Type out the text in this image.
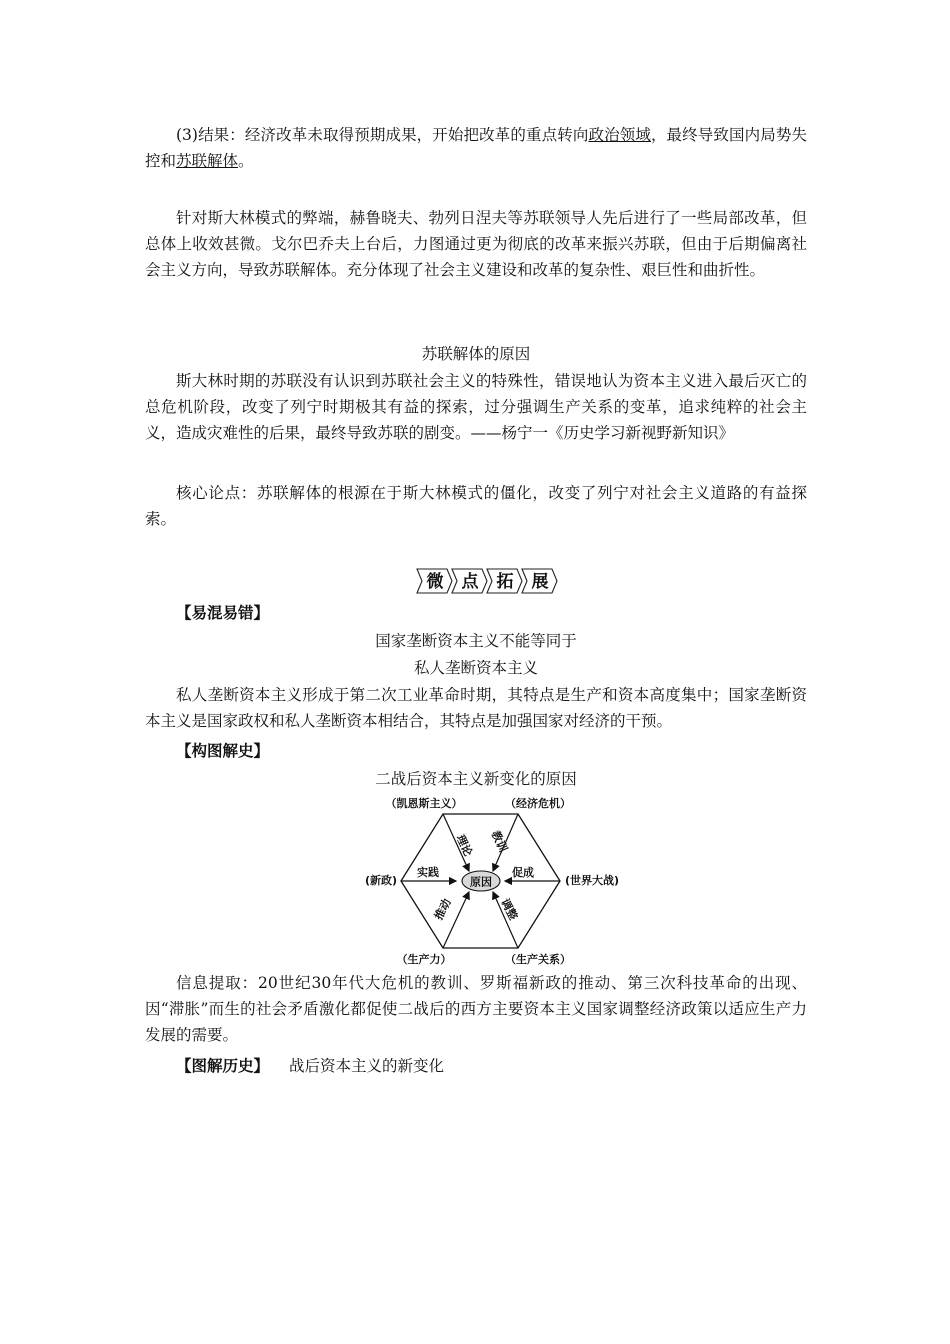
(3)结果：经济改革未取得预期成果，开始把改革的重点转向政治领域，最终导致国内局势失控和苏联解体。

针对斯大林模式的弊端，赫鲁晓夫、勃列日涅夫等苏联领导人先后进行了一些局部改革，但总体上收效甚微。戈尔巴乔夫上台后，力图通过更为彻底的改革来振兴苏联，但由于后期偏离社会主义方向，导致苏联解体。充分体现了社会主义建设和改革的复杂性、艰巨性和曲折性。

苏联解体的原因

斯大林时期的苏联没有认识到苏联社会主义的特殊性，错误地认为资本主义进入最后灭亡的总危机阶段，改变了列宁时期极其有益的探索，过分强调生产关系的变革，追求纯粹的社会主义，造成灾难性的后果，最终导致苏联的剧变。——杨宁一《历史学习新视野新知识》

核心论点：苏联解体的根源在于斯大林模式的僵化，改变了列宁对社会主义道路的有益探索。

微 点 拓 展
【易混易错】

国家垄断资本主义不能等同于

私人垄断资本主义

私人垄断资本主义形成于第二次工业革命时期，其特点是生产和资本高度集中；国家垄断资本主义是国家政权和私人垄断资本相结合，其特点是加强国家对经济的干预。

【构图解史】

二战后资本主义新变化的原因

原因
（凯恩斯主义）	（经济危机）
(新政)	(世界大战)
（生产力）	（生产关系）
理论 教训
实践	促成
推动	调整

信息提取：20世纪30年代大危机的教训、罗斯福新政的推动、第三次科技革命的出现、因“滞胀”而生的社会矛盾激化都促使二战后的西方主要资本主义国家调整经济政策以适应生产力发展的需要。

【图解历史】 战后资本主义的新变化
